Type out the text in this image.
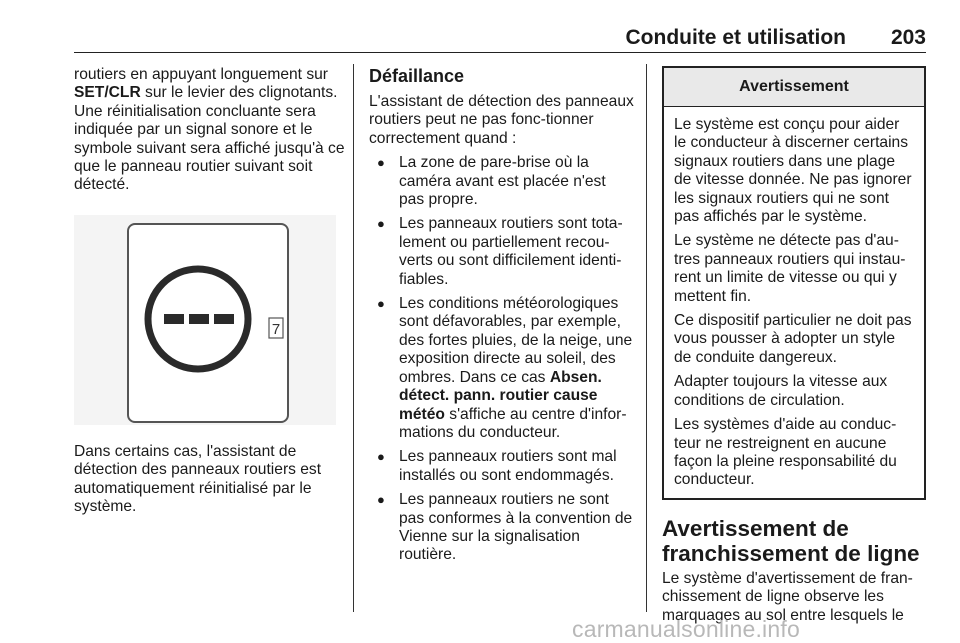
Conduite et utilisation 203

routiers en appuyant longuement sur SET/CLR sur le levier des clignotants. Une réinitialisation concluante sera indiquée par un signal sonore et le symbole suivant sera affiché jusqu'à ce que le panneau routier suivant soit détecté.

7

Dans certains cas, l'assistant de détection des panneaux routiers est automatiquement réinitialisé par le système.

Défaillance

L'assistant de détection des panneaux routiers peut ne pas fonc-tionner correctement quand :

● La zone de pare-brise où la caméra avant est placée n'est pas propre.
● Les panneaux routiers sont tota-lement ou partiellement recou-verts ou sont difficilement identi-fiables.
● Les conditions météorologiques sont défavorables, par exemple, des fortes pluies, de la neige, une exposition directe au soleil, des ombres. Dans ce cas Absen. détect. pann. routier cause météo s'affiche au centre d'infor-mations du conducteur.
● Les panneaux routiers sont mal installés ou sont endommagés.
● Les panneaux routiers ne sont pas conformes à la convention de Vienne sur la signalisation routière.
Avertissement

Le système est conçu pour aider le conducteur à discerner certains signaux routiers dans une plage de vitesse donnée. Ne pas ignorer les signaux routiers qui ne sont pas affichés par le système.

Le système ne détecte pas d'au-tres panneaux routiers qui instau-rent un limite de vitesse ou qui y mettent fin.

Ce dispositif particulier ne doit pas vous pousser à adopter un style de conduite dangereux.

Adapter toujours la vitesse aux conditions de circulation.

Les systèmes d'aide au conduc-teur ne restreignent en aucune façon la pleine responsabilité du conducteur.

Avertissement de franchissement de ligne

Le système d'avertissement de fran-chissement de ligne observe les marquages au sol entre lesquels le

carmanualsonline.info
